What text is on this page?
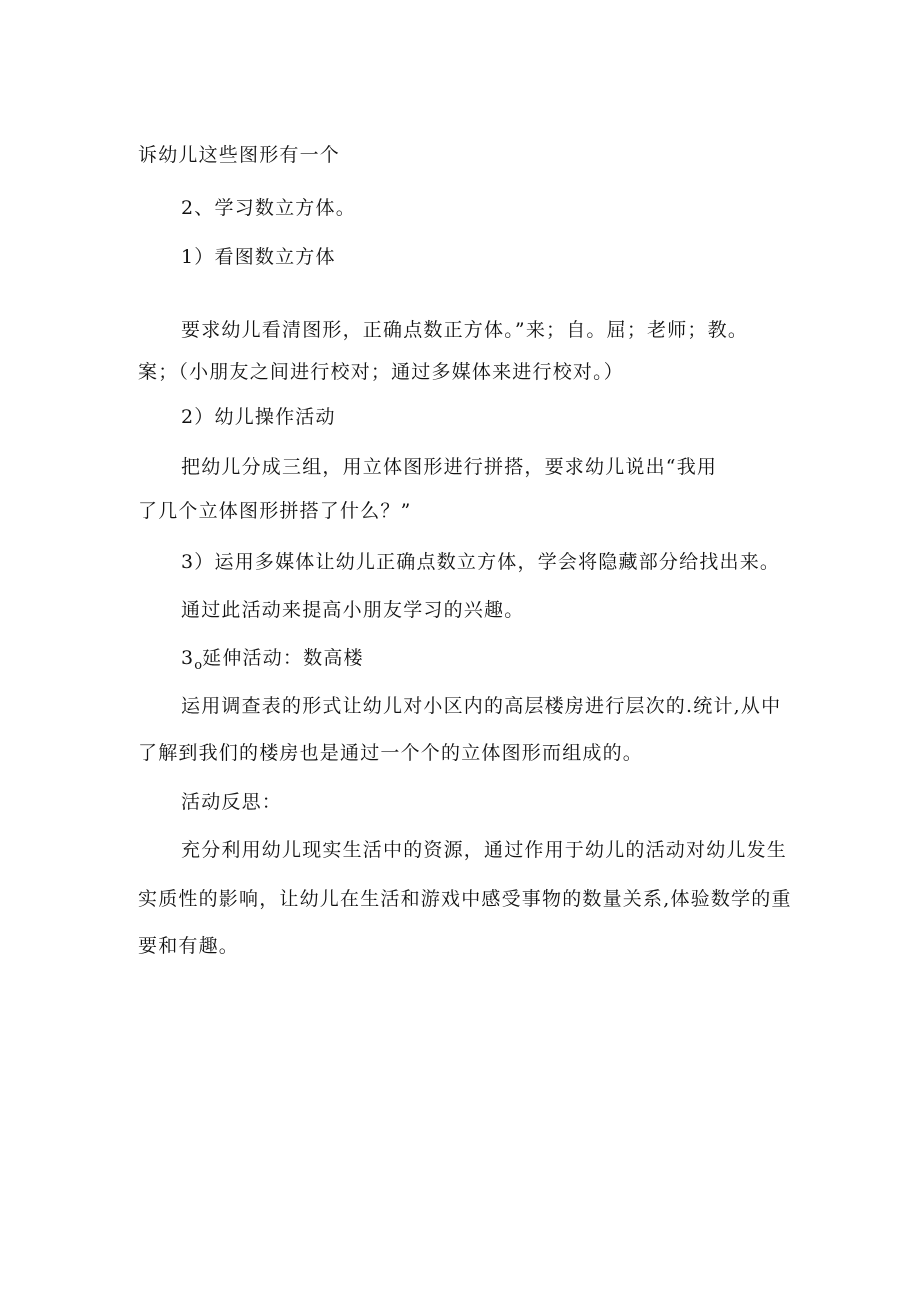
诉幼儿这些图形有一个
2、学习数立方体。
1）看图数立方体
要求幼儿看清图形，正确点数正方体。”来；自。屈；老师；教。
案；（小朋友之间进行校对；通过多媒体来进行校对。）
2）幼儿操作活动
把幼儿分成三组，用立体图形进行拼搭，要求幼儿说出“我用
了几个立体图形拼搭了什么？”
3）运用多媒体让幼儿正确点数立方体，学会将隐藏部分给找出来。
通过此活动来提高小朋友学习的兴趣。
$3_o$延伸活动：数高楼
运用调查表的形式让幼儿对小区内的高层楼房进行层次的.统计,从中
了解到我们的楼房也是通过一个个的立体图形而组成的。
活动反思：
充分利用幼儿现实生活中的资源，通过作用于幼儿的活动对幼儿发生
实质性的影响，让幼儿在生活和游戏中感受事物的数量关系,体验数学的重
要和有趣。
